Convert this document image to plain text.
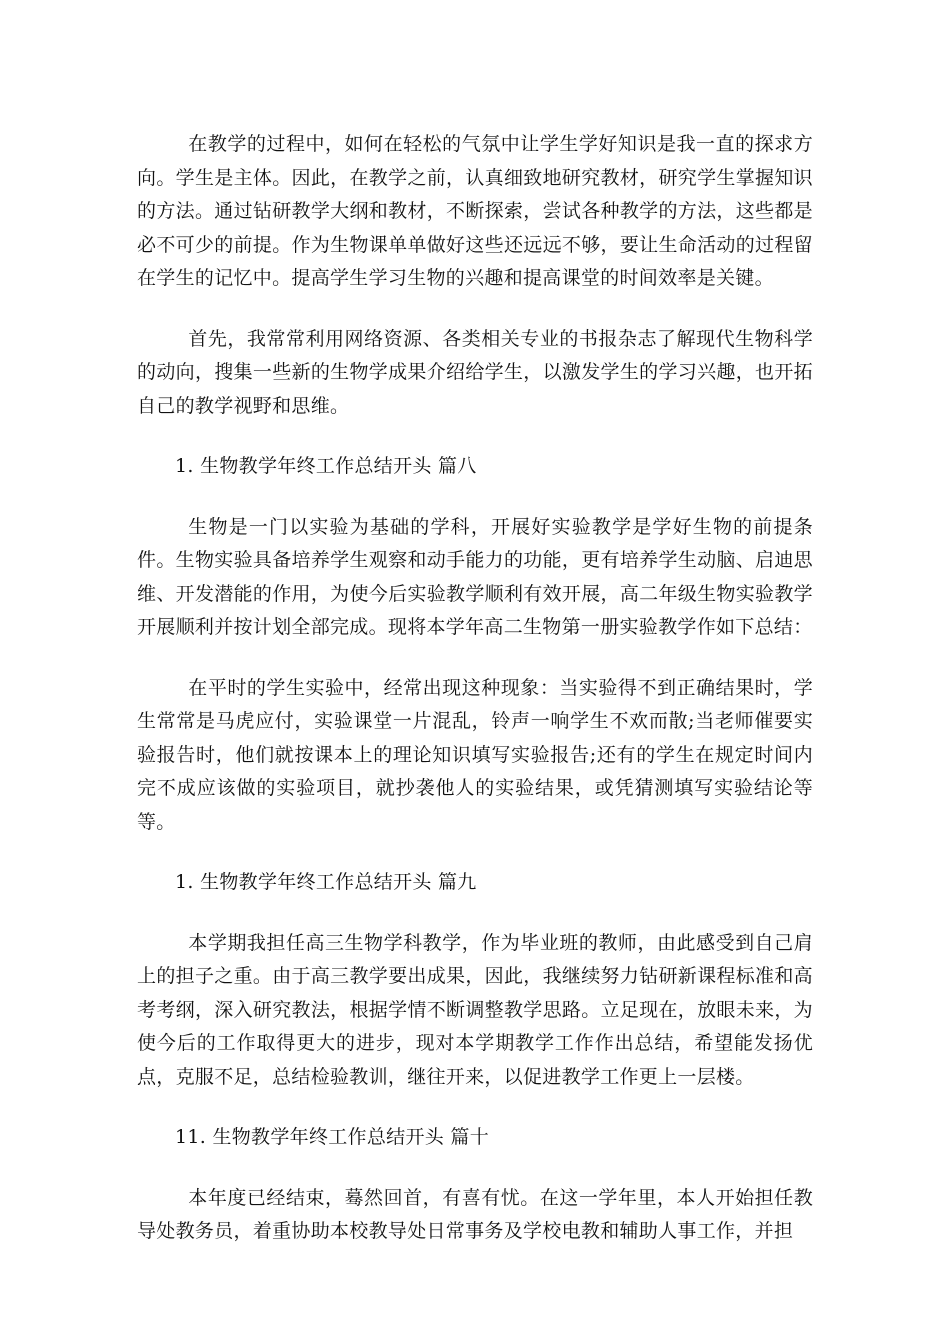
在教学的过程中，如何在轻松的气氛中让学生学好知识是我一直的探求方向。学生是主体。因此，在教学之前，认真细致地研究教材，研究学生掌握知识的方法。通过钻研教学大纲和教材，不断探索，尝试各种教学的方法，这些都是必不可少的前提。作为生物课单单做好这些还远远不够，要让生命活动的过程留在学生的记忆中。提高学生学习生物的兴趣和提高课堂的时间效率是关键。

首先，我常常利用网络资源、各类相关专业的书报杂志了解现代生物科学的动向，搜集一些新的生物学成果介绍给学生，以激发学生的学习兴趣，也开拓自己的教学视野和思维。

1. 生物教学年终工作总结开头 篇八

生物是一门以实验为基础的学科，开展好实验教学是学好生物的前提条件。生物实验具备培养学生观察和动手能力的功能，更有培养学生动脑、启迪思维、开发潜能的作用，为使今后实验教学顺利有效开展，高二年级生物实验教学开展顺利并按计划全部完成。现将本学年高二生物第一册实验教学作如下总结：

在平时的学生实验中，经常出现这种现象：当实验得不到正确结果时，学生常常是马虎应付，实验课堂一片混乱，铃声一响学生不欢而散;当老师催要实验报告时，他们就按课本上的理论知识填写实验报告;还有的学生在规定时间内完不成应该做的实验项目，就抄袭他人的实验结果，或凭猜测填写实验结论等等。

1. 生物教学年终工作总结开头 篇九

本学期我担任高三生物学科教学，作为毕业班的教师，由此感受到自己肩上的担子之重。由于高三教学要出成果，因此，我继续努力钻研新课程标准和高考考纲，深入研究教法，根据学情不断调整教学思路。立足现在，放眼未来，为使今后的工作取得更大的进步，现对本学期教学工作作出总结，希望能发扬优点，克服不足，总结检验教训，继往开来，以促进教学工作更上一层楼。

11. 生物教学年终工作总结开头 篇十

本年度已经结束，蓦然回首，有喜有忧。在这一学年里，本人开始担任教导处教务员，着重协助本校教导处日常事务及学校电教和辅助人事工作，并担
